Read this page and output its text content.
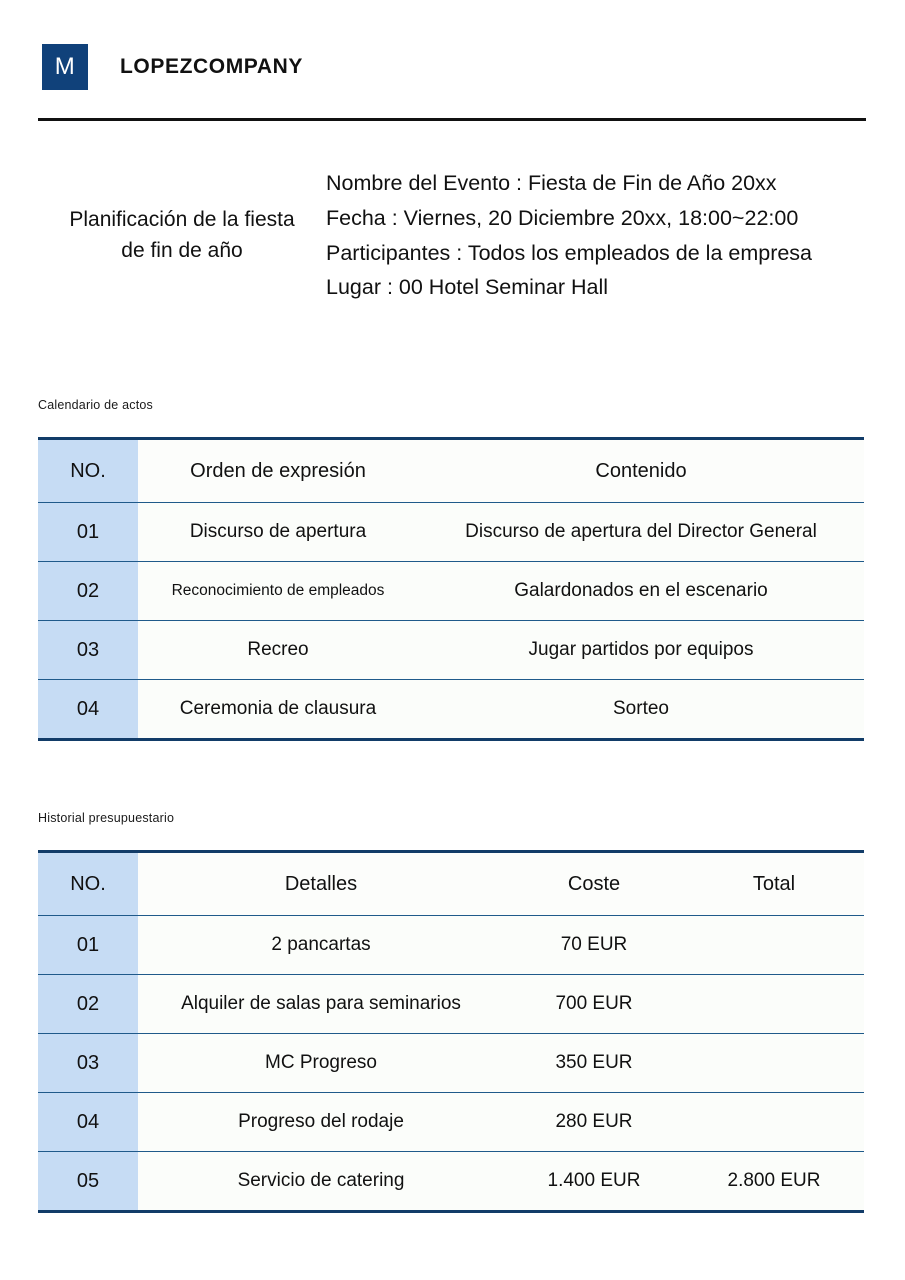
M	LOPEZCOMPANY
Planificación de la fiesta
de fin de año
Nombre del Evento : Fiesta de Fin de Año 20xx
Fecha : Viernes, 20 Diciembre 20xx, 18:00~22:00
Participantes : Todos los empleados de la empresa
Lugar : 00 Hotel Seminar Hall
Calendario de actos
NO.	Orden de expresión	Contenido
01	Discurso de apertura	Discurso de apertura del Director General
02	Reconocimiento de empleados	Galardonados en el escenario
03	Recreo	Jugar partidos por equipos
04	Ceremonia de clausura	Sorteo
Historial presupuestario
NO.	Detalles	Coste	Total
01	2 pancartas	70 EUR	
02	Alquiler de salas para seminarios	700 EUR	
03	MC Progreso	350 EUR	
04	Progreso del rodaje	280 EUR	
05	Servicio de catering	1.400 EUR	2.800 EUR
